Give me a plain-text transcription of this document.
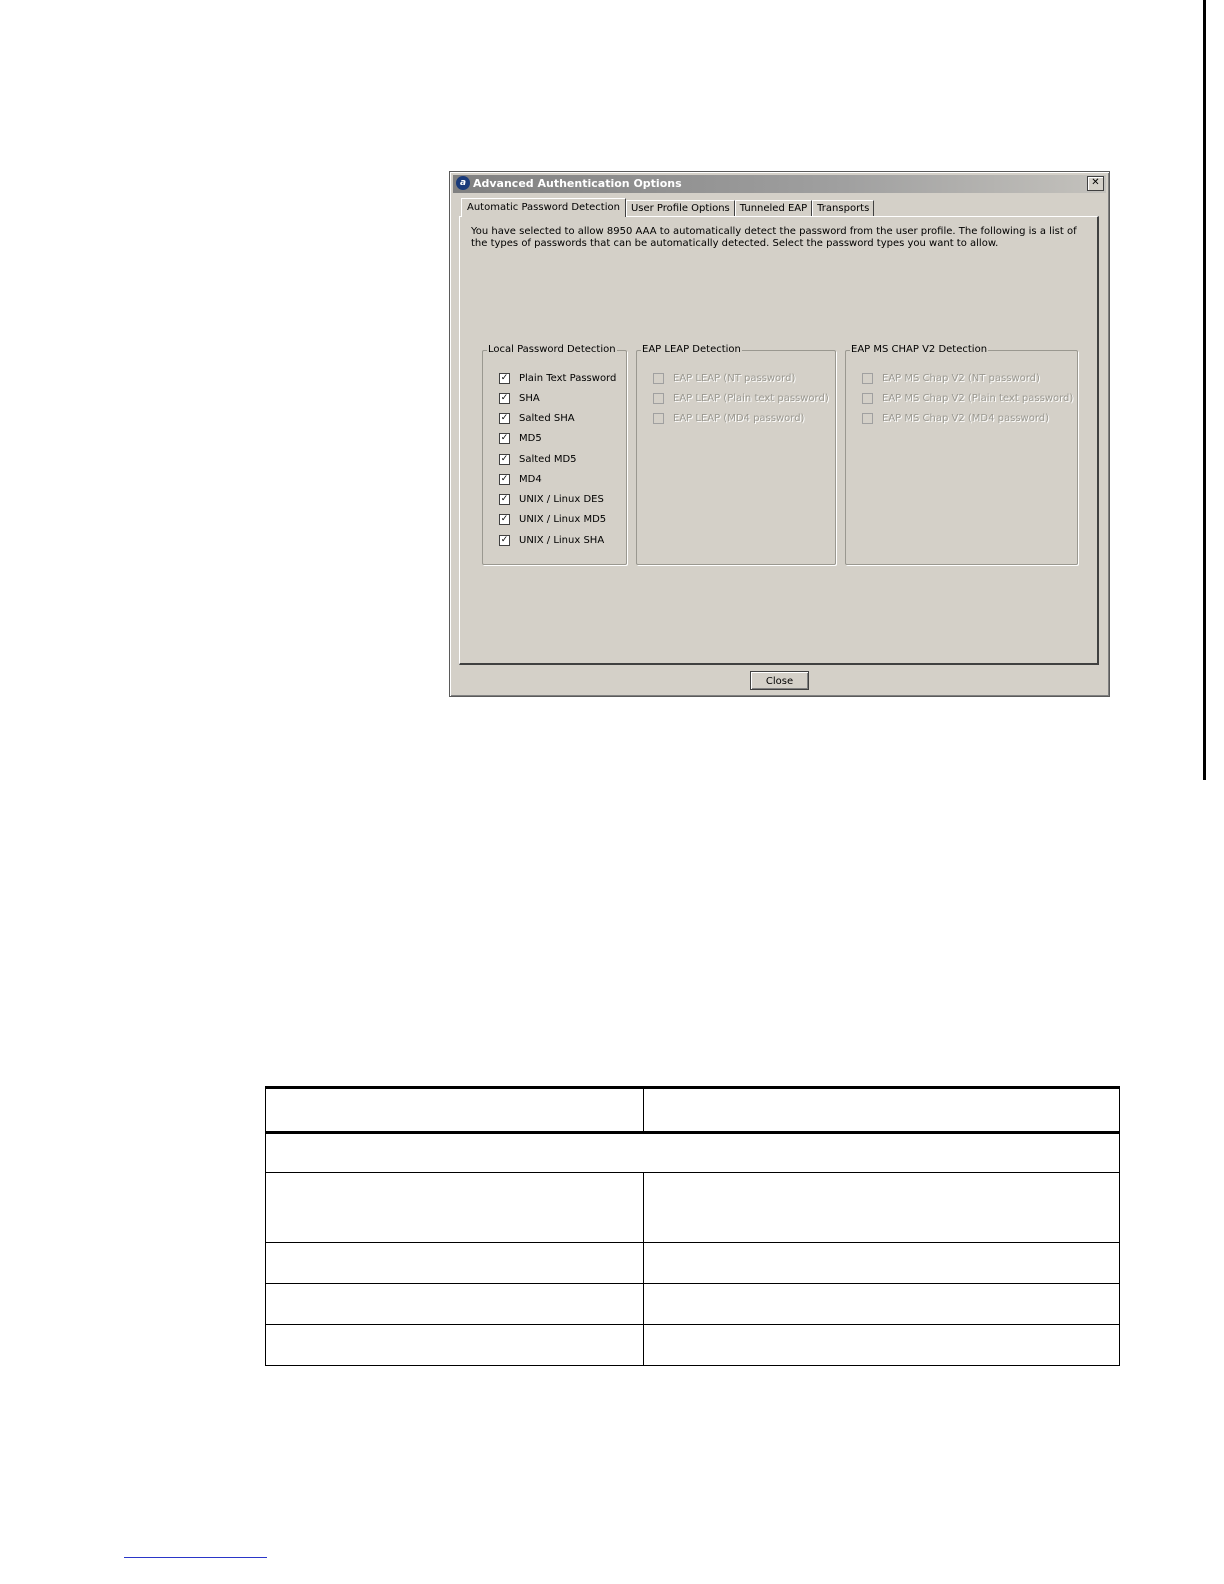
a Advanced Authentication Options	✕
Automatic Password Detection	User Profile Options	Tunneled EAP	Transports
You have selected to allow 8950 AAA to automatically detect the password from the user profile. The following is a list of the types of passwords that can be automatically detected. Select the password types you want to allow.
Local Password Detection
✓ Plain Text Password
✓ SHA
✓ Salted SHA
✓ MD5
✓ Salted MD5
✓ MD4
✓ UNIX / Linux DES
✓ UNIX / Linux MD5
✓ UNIX / Linux SHA
EAP LEAP Detection
EAP LEAP (NT password)
EAP LEAP (Plain text password)
EAP LEAP (MD4 password)
EAP MS CHAP V2 Detection
EAP MS Chap V2 (NT password)
EAP MS Chap V2 (Plain text password)
EAP MS Chap V2 (MD4 password)
Close
